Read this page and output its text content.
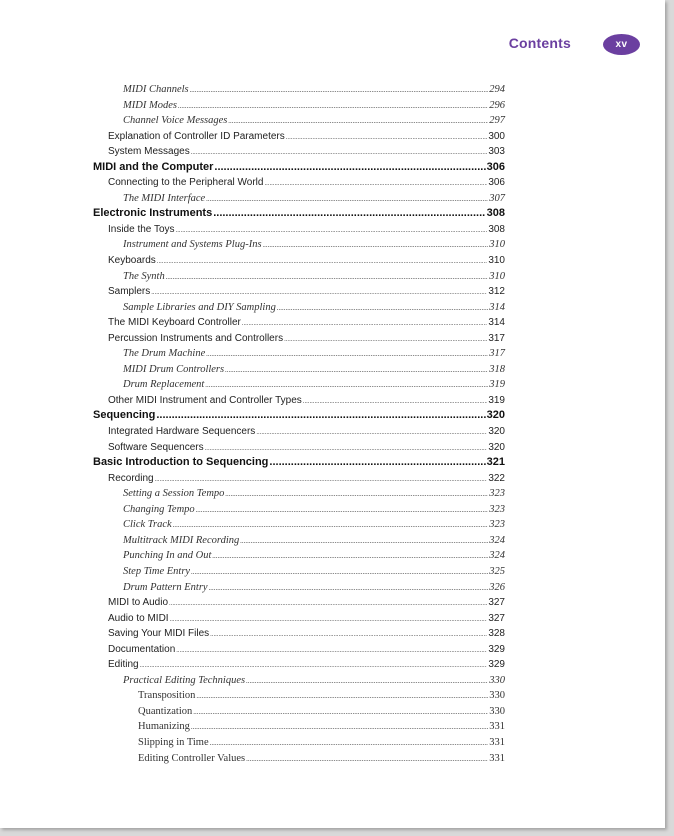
Contents	xv
MIDI Channels .....	294
MIDI Modes .....	296
Channel Voice Messages .....	297
Explanation of Controller ID Parameters .....	300
System Messages .....	303
MIDI and the Computer .....	306
Connecting to the Peripheral World .....	306
The MIDI Interface .....	307
Electronic Instruments .....	308
Inside the Toys .....	308
Instrument and Systems Plug-Ins .....	310
Keyboards .....	310
The Synth .....	310
Samplers .....	312
Sample Libraries and DIY Sampling .....	314
The MIDI Keyboard Controller .....	314
Percussion Instruments and Controllers .....	317
The Drum Machine .....	317
MIDI Drum Controllers .....	318
Drum Replacement .....	319
Other MIDI Instrument and Controller Types .....	319
Sequencing .....	320
Integrated Hardware Sequencers .....	320
Software Sequencers .....	320
Basic Introduction to Sequencing .....	321
Recording .....	322
Setting a Session Tempo .....	323
Changing Tempo .....	323
Click Track .....	323
Multitrack MIDI Recording .....	324
Punching In and Out .....	324
Step Time Entry .....	325
Drum Pattern Entry .....	326
MIDI to Audio .....	327
Audio to MIDI .....	327
Saving Your MIDI Files .....	328
Documentation .....	329
Editing .....	329
Practical Editing Techniques .....	330
Transposition .....	330
Quantization .....	330
Humanizing .....	331
Slipping in Time .....	331
Editing Controller Values .....	331
